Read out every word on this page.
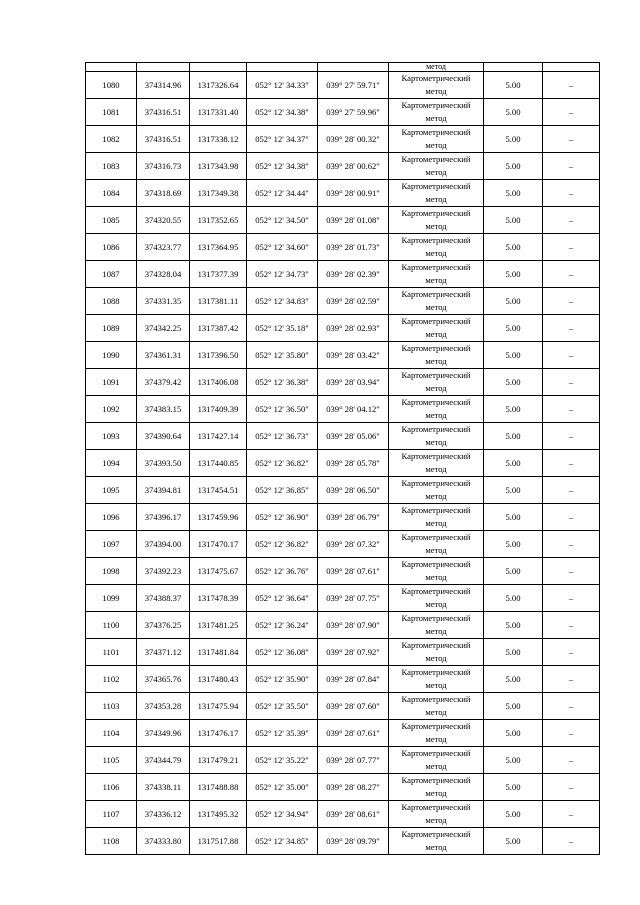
					метод		
1080	374314.96	1317326.64	052° 12' 34.33"	039° 27' 59.71"	Картометрический
метод	5.00	–
1081	374316.51	1317331.40	052° 12' 34.38"	039° 27' 59.96"	Картометрический
метод	5.00	–
1082	374316.51	1317338.12	052° 12' 34.37"	039° 28' 00.32"	Картометрический
метод	5.00	–
1083	374316.73	1317343.98	052° 12' 34.38"	039° 28' 00.62"	Картометрический
метод	5.00	–
1084	374318.69	1317349.38	052° 12' 34.44"	039° 28' 00.91"	Картометрический
метод	5.00	–
1085	374320.55	1317352.65	052° 12' 34.50"	039° 28' 01.08"	Картометрический
метод	5.00	–
1086	374323.77	1317364.95	052° 12' 34.60"	039° 28' 01.73"	Картометрический
метод	5.00	–
1087	374328.04	1317377.39	052° 12' 34.73"	039° 28' 02.39"	Картометрический
метод	5.00	–
1088	374331.35	1317381.11	052° 12' 34.83"	039° 28' 02.59"	Картометрический
метод	5.00	–
1089	374342.25	1317387.42	052° 12' 35.18"	039° 28' 02.93"	Картометрический
метод	5.00	–
1090	374361.31	1317396.50	052° 12' 35.80"	039° 28' 03.42"	Картометрический
метод	5.00	–
1091	374379.42	1317406.08	052° 12' 36.38"	039° 28' 03.94"	Картометрический
метод	5.00	–
1092	374383.15	1317409.39	052° 12' 36.50"	039° 28' 04.12"	Картометрический
метод	5.00	–
1093	374390.64	1317427.14	052° 12' 36.73"	039° 28' 05.06"	Картометрический
метод	5.00	–
1094	374393.50	1317440.85	052° 12' 36.82"	039° 28' 05.78"	Картометрический
метод	5.00	–
1095	374394.81	1317454.51	052° 12' 36.85"	039° 28' 06.50"	Картометрический
метод	5.00	–
1096	374396.17	1317459.96	052° 12' 36.90"	039° 28' 06.79"	Картометрический
метод	5.00	–
1097	374394.00	1317470.17	052° 12' 36.82"	039° 28' 07.32"	Картометрический
метод	5.00	–
1098	374392.23	1317475.67	052° 12' 36.76"	039° 28' 07.61"	Картометрический
метод	5.00	–
1099	374388.37	1317478.39	052° 12' 36.64"	039° 28' 07.75"	Картометрический
метод	5.00	–
1100	374376.25	1317481.25	052° 12' 36.24"	039° 28' 07.90"	Картометрический
метод	5.00	–
1101	374371.12	1317481.84	052° 12' 36.08"	039° 28' 07.92"	Картометрический
метод	5.00	–
1102	374365.76	1317480.43	052° 12' 35.90"	039° 28' 07.84"	Картометрический
метод	5.00	–
1103	374353.28	1317475.94	052° 12' 35.50"	039° 28' 07.60"	Картометрический
метод	5.00	–
1104	374349.96	1317476.17	052° 12' 35.39"	039° 28' 07.61"	Картометрический
метод	5.00	–
1105	374344.79	1317479.21	052° 12' 35.22"	039° 28' 07.77"	Картометрический
метод	5.00	–
1106	374338.11	1317488.88	052° 12' 35.00"	039° 28' 08.27"	Картометрический
метод	5.00	–
1107	374336.12	1317495.32	052° 12' 34.94"	039° 28' 08.61"	Картометрический
метод	5.00	–
1108	374333.80	1317517.88	052° 12' 34.85"	039° 28' 09.79"	Картометрический
метод	5.00	–
